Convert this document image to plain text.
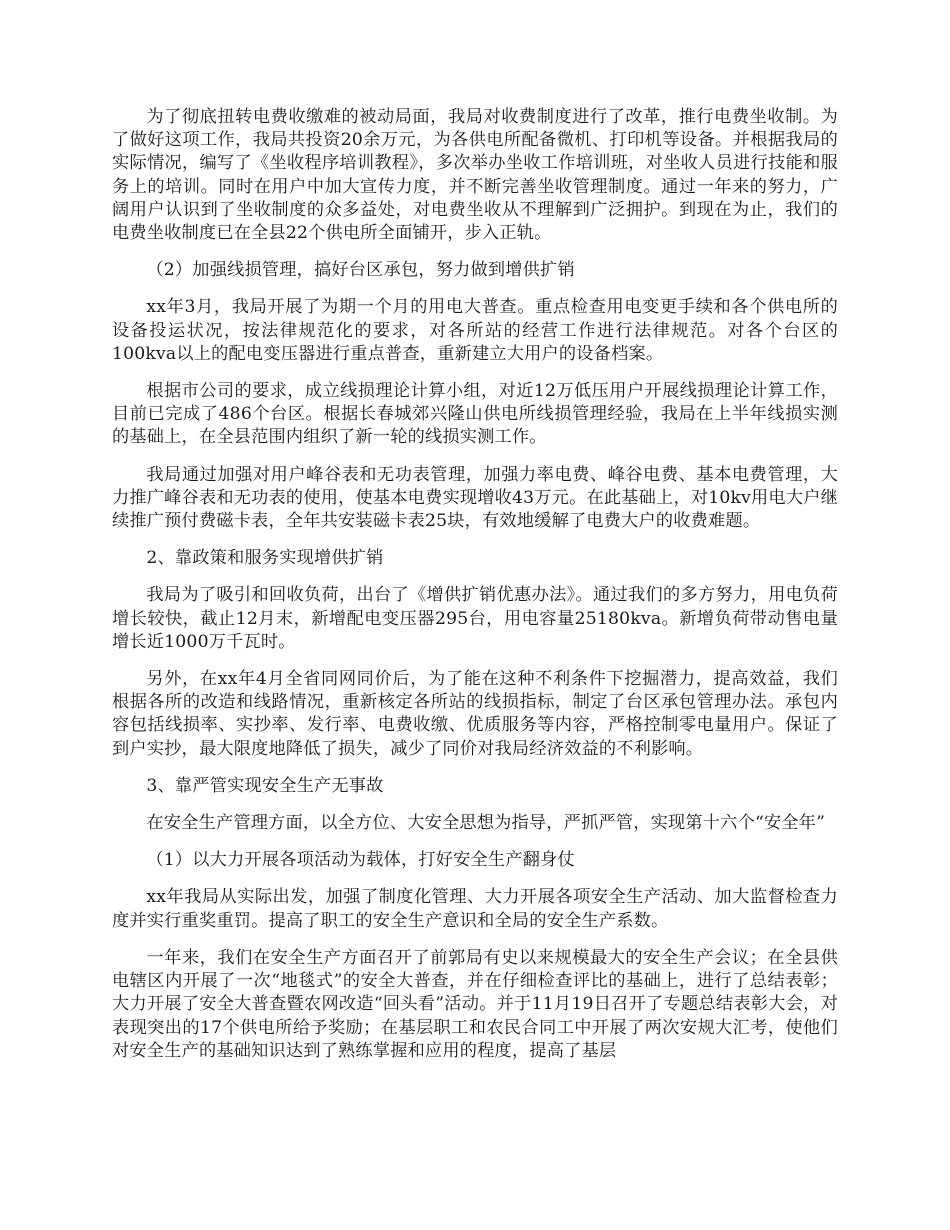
为了彻底扭转电费收缴难的被动局面，我局对收费制度进行了改革，推行电费坐收制。为了做好这项工作，我局共投资20余万元，为各供电所配备微机、打印机等设备。并根据我局的实际情况，编写了《坐收程序培训教程》，多次举办坐收工作培训班，对坐收人员进行技能和服务上的培训。同时在用户中加大宣传力度，并不断完善坐收管理制度。通过一年来的努力，广阔用户认识到了坐收制度的众多益处，对电费坐收从不理解到广泛拥护。到现在为止，我们的电费坐收制度已在全县22个供电所全面铺开，步入正轨。

（2）加强线损管理，搞好台区承包，努力做到增供扩销

xx年3月，我局开展了为期一个月的用电大普查。重点检查用电变更手续和各个供电所的设备投运状况，按法律规范化的要求，对各所站的经营工作进行法律规范。对各个台区的100kva以上的配电变压器进行重点普查，重新建立大用户的设备档案。

根据市公司的要求，成立线损理论计算小组，对近12万低压用户开展线损理论计算工作，目前已完成了486个台区。根据长春城郊兴隆山供电所线损管理经验，我局在上半年线损实测的基础上，在全县范围内组织了新一轮的线损实测工作。

我局通过加强对用户峰谷表和无功表管理，加强力率电费、峰谷电费、基本电费管理，大力推广峰谷表和无功表的使用，使基本电费实现增收43万元。在此基础上，对10kv用电大户继续推广预付费磁卡表，全年共安装磁卡表25块，有效地缓解了电费大户的收费难题。

2、靠政策和服务实现增供扩销

我局为了吸引和回收负荷，出台了《增供扩销优惠办法》。通过我们的多方努力，用电负荷增长较快，截止12月末，新增配电变压器295台，用电容量25180kva。新增负荷带动售电量增长近1000万千瓦时。

另外，在xx年4月全省同网同价后，为了能在这种不利条件下挖掘潜力，提高效益，我们根据各所的改造和线路情况，重新核定各所站的线损指标，制定了台区承包管理办法。承包内容包括线损率、实抄率、发行率、电费收缴、优质服务等内容，严格控制零电量用户。保证了到户实抄，最大限度地降低了损失，减少了同价对我局经济效益的不利影响。

3、靠严管实现安全生产无事故

在安全生产管理方面，以全方位、大安全思想为指导，严抓严管，实现第十六个“安全年”

（1）以大力开展各项活动为载体，打好安全生产翻身仗

xx年我局从实际出发，加强了制度化管理、大力开展各项安全生产活动、加大监督检查力度并实行重奖重罚。提高了职工的安全生产意识和全局的安全生产系数。

一年来，我们在安全生产方面召开了前郭局有史以来规模最大的安全生产会议；在全县供电辖区内开展了一次“地毯式”的安全大普查，并在仔细检查评比的基础上，进行了总结表彰；大力开展了安全大普查暨农网改造“回头看”活动。并于11月19日召开了专题总结表彰大会，对表现突出的17个供电所给予奖励；在基层职工和农民合同工中开展了两次安规大汇考，使他们对安全生产的基础知识达到了熟练掌握和应用的程度，提高了基层
